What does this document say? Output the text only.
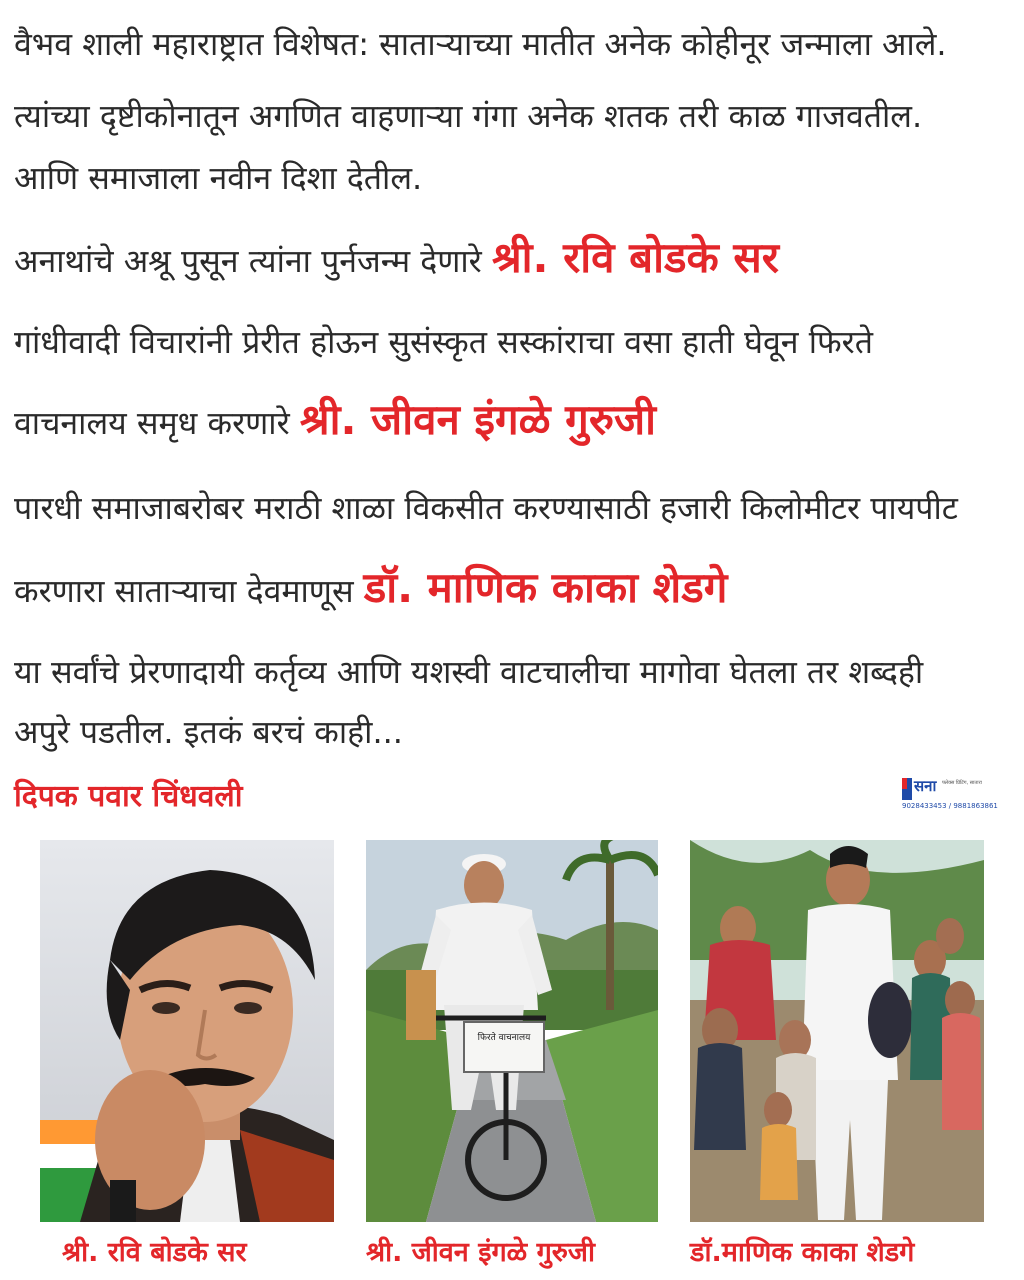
वैभव शाली महाराष्ट्रात विशेषत: साताऱ्याच्या मातीत अनेक कोहीनूर जन्माला आले.
त्यांच्या दृष्टीकोनातून अगणित वाहणाऱ्या गंगा अनेक शतक तरी काळ गाजवतील.
आणि समाजाला नवीन दिशा देतील.
अनाथांचे अश्रू पुसून त्यांना पुर्नजन्म देणारे श्री. रवि बोडके सर
गांधीवादी विचारांनी प्रेरीत होऊन सुसंस्कृत सस्कांराचा वसा हाती घेवून फिरते
वाचनालय समृध करणारे श्री. जीवन इंगळे गुरुजी
पारधी समाजाबरोबर मराठी शाळा विकसीत करण्यासाठी हजारी किलोमीटर पायपीट
करणारा साताऱ्याचा देवमाणूस डॉ. माणिक काका शेडगे
या सर्वांचे प्रेरणादायी कर्तृव्य आणि यशस्वी वाटचालीचा मागोवा घेतला तर शब्दही
अपुरे पडतील. इतकं बरचं काही...
दिपक पवार चिंधवली	सना फ्लेक्स प्रिंटिंग, सातारा
9028433453 / 9881863861
फिरते वाचनालय
श्री. रवि बोडके सर	श्री. जीवन इंगळे गुरुजी	डॉ.माणिक काका शेडगे
